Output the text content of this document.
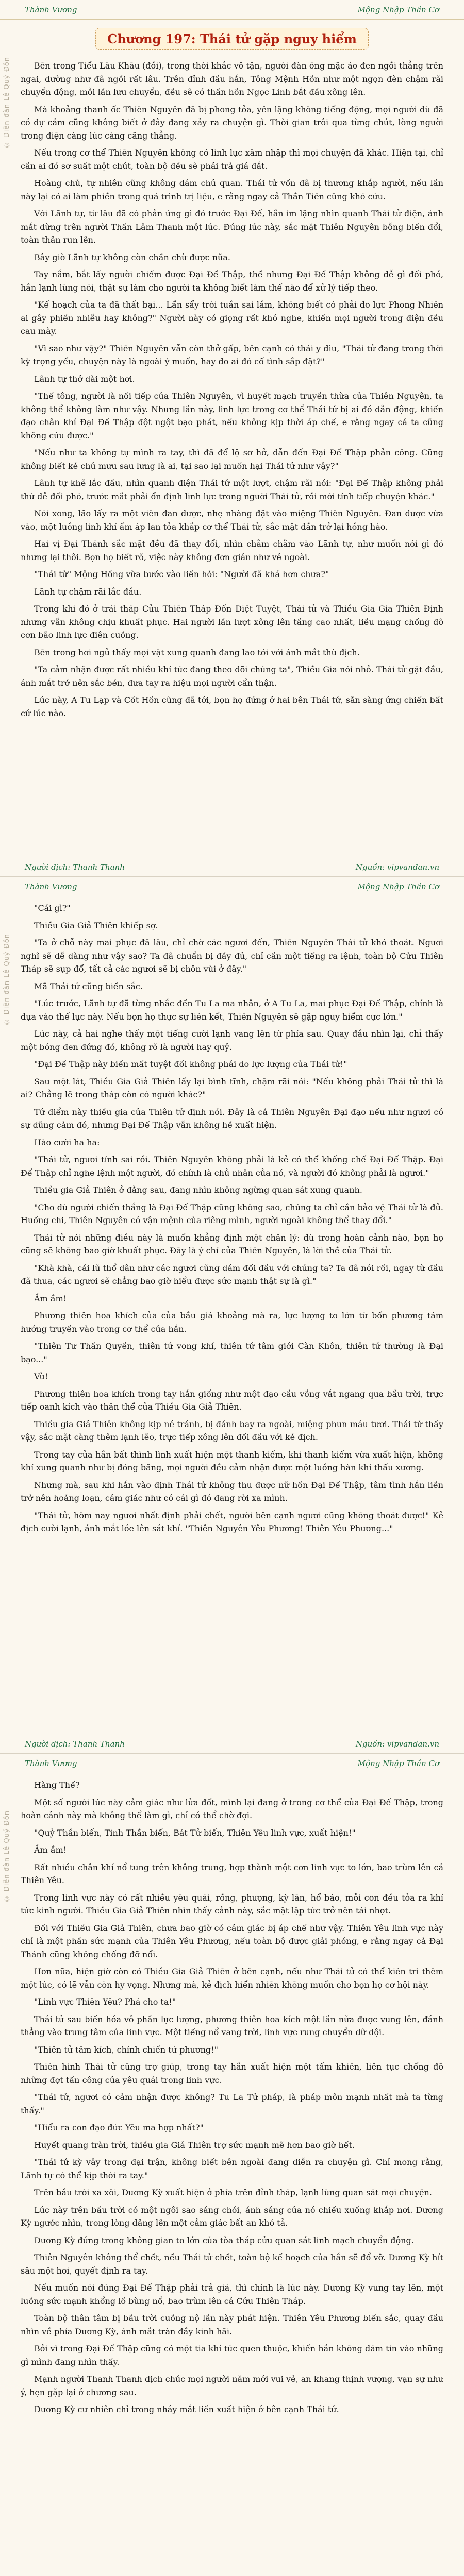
Thành Vương	Mộng Nhập Thần Cơ
© Diễn đàn Lê Quý Đôn
Chương 197: Thái tử gặp nguy hiểm

Bên trong Tiểu Lâu Khâu (đồi), trong thời khắc vô tận, người đàn ông mặc áo đen ngồi thẳng trên ngai, dường như đã ngồi rất lâu. Trên đỉnh đầu hắn, Tông Mệnh Hồn như một ngọn đèn chậm rãi chuyển động, mỗi lần lưu chuyển, đều sẽ có thần hồn Ngọc Linh bắt đầu xông lên.

Mà khoảng thanh ốc Thiên Nguyên đã bị phong tỏa, yên lặng không tiếng động, mọi người dù đã có dự cảm cũng không biết ở đây đang xảy ra chuyện gì. Thời gian trôi qua từng chút, lòng người trong điện càng lúc càng căng thẳng.

Nếu trong cơ thể Thiên Nguyên không có linh lực xâm nhập thì mọi chuyện đã khác. Hiện tại, chỉ cần ai đó sơ suất một chút, toàn bộ đều sẽ phải trả giá đắt.

Hoàng chủ, tự nhiên cũng không dám chủ quan. Thái tử vốn đã bị thương khắp người, nếu lần này lại có ai làm phiền trong quá trình trị liệu, e rằng ngay cả Thần Tiên cũng khó cứu.

Với Lãnh tự, từ lâu đã có phản ứng gì đó trước Đại Đế, hắn im lặng nhìn quanh Thái tử điện, ánh mắt dừng trên người Thần Lâm Thanh một lúc. Đúng lúc này, sắc mặt Thiên Nguyên bỗng biến đổi, toàn thân run lên.

Bây giờ Lãnh tự không còn chần chừ được nữa.

Tay nắm, bắt lấy người chiếm được Đại Đế Thập, thế nhưng Đại Đế Thập không dễ gì đối phó, hắn lạnh lùng nói, thật sự làm cho người ta không biết làm thế nào để xử lý tiếp theo.

"Kế hoạch của ta đã thất bại... Lẩn sẩy trời tuần sai lầm, không biết có phải do lực Phong Nhiên ai gây phiền nhiễu hay không?" Người này có giọng rất khó nghe, khiến mọi người trong điện đều cau mày.

"Vì sao như vậy?" Thiên Nguyên vẫn còn thở gấp, bên cạnh có thái y dìu, "Thái tử đang trong thời kỳ trọng yếu, chuyện này là ngoài ý muốn, hay do ai đó cố tình sắp đặt?"

Lãnh tự thở dài một hơi.

"Thế tông, người là nối tiếp của Thiên Nguyên, vì huyết mạch truyền thừa của Thiên Nguyên, ta không thể không làm như vậy. Nhưng lần này, linh lực trong cơ thể Thái tử bị ai đó dẫn động, khiến đạo chân khí Đại Đế Thập đột ngột bạo phát, nếu không kịp thời áp chế, e rằng ngay cả ta cũng không cứu được."

"Nếu như ta không tự mình ra tay, thì đã để lộ sơ hở, dẫn đến Đại Đế Thập phản công. Cũng không biết kẻ chủ mưu sau lưng là ai, tại sao lại muốn hại Thái tử như vậy?"

Lãnh tự khẽ lắc đầu, nhìn quanh điện Thái tử một lượt, chậm rãi nói: "Đại Đế Thập không phải thứ dễ đối phó, trước mắt phải ổn định linh lực trong người Thái tử, rồi mới tính tiếp chuyện khác."

Nói xong, lão lấy ra một viên đan dược, nhẹ nhàng đặt vào miệng Thiên Nguyên. Đan dược vừa vào, một luồng linh khí ấm áp lan tỏa khắp cơ thể Thái tử, sắc mặt dần trở lại hồng hào.

Hai vị Đại Thánh sắc mặt đều đã thay đổi, nhìn chằm chằm vào Lãnh tự, như muốn nói gì đó nhưng lại thôi. Bọn họ biết rõ, việc này không đơn giản như vẻ ngoài.

"Thái tử" Mộng Hồng vừa bước vào liền hỏi: "Người đã khá hơn chưa?"

Lãnh tự chậm rãi lắc đầu.

Trong khi đó ở trái tháp Cửu Thiên Tháp Đốn Diệt Tuyệt, Thái tử và Thiều Gia Gia Thiên Định nhưng vẫn không chịu khuất phục. Hai người lần lượt xông lên tầng cao nhất, liều mạng chống đỡ cơn bão linh lực điên cuồng.

Bên trong hơi ngủ thấy mọi vật xung quanh đang lao tới với ánh mắt thù địch.

"Ta cảm nhận được rất nhiều khí tức đang theo dõi chúng ta", Thiều Gia nói nhỏ. Thái tử gật đầu, ánh mắt trở nên sắc bén, đưa tay ra hiệu mọi người cẩn thận.

Lúc này, A Tu Lạp và Cốt Hồn cũng đã tới, bọn họ đứng ở hai bên Thái tử, sẵn sàng ứng chiến bất cứ lúc nào.

Người dịch: Thanh Thanh	Nguồn: vipvandan.vn
Thành Vương	Mộng Nhập Thần Cơ
© Diễn đàn Lê Quý Đôn

"Cái gì?"

Thiều Gia Giả Thiên khiếp sợ.

"Ta ở chỗ này mai phục đã lâu, chỉ chờ các ngươi đến, Thiên Nguyên Thái tử khó thoát. Ngươi nghĩ sẽ dễ dàng như vậy sao? Ta đã chuẩn bị đầy đủ, chỉ cần một tiếng ra lệnh, toàn bộ Cửu Thiên Tháp sẽ sụp đổ, tất cả các ngươi sẽ bị chôn vùi ở đây."

Mã Thái tử cũng biến sắc.

"Lúc trước, Lãnh tự đã từng nhắc đến Tu La ma nhân, ở A Tu La, mai phục Đại Đế Thập, chính là dựa vào thế lực này. Nếu bọn họ thực sự liên kết, Thiên Nguyên sẽ gặp nguy hiểm cực lớn."

Lúc này, cả hai nghe thấy một tiếng cười lạnh vang lên từ phía sau. Quay đầu nhìn lại, chỉ thấy một bóng đen đứng đó, không rõ là người hay quỷ.

"Đại Đế Thập này biến mất tuyệt đối không phải do lực lượng của Thái tử!"

Sau một lát, Thiều Gia Giả Thiên lấy lại bình tĩnh, chậm rãi nói: "Nếu không phải Thái tử thì là ai? Chẳng lẽ trong tháp còn có người khác?"

Tứ điểm này thiều gia của Thiên tử định nói. Đây là cả Thiên Nguyên Đại đạo nếu như ngươi có sự dũng cảm đó, nhưng Đại Đế Thập vẫn không hề xuất hiện.

Hào cười ha ha:

"Thái tử, ngươi tính sai rồi. Thiên Nguyên không phải là kẻ có thể khống chế Đại Đế Thập. Đại Đế Thập chỉ nghe lệnh một người, đó chính là chủ nhân của nó, và người đó không phải là ngươi."

Thiều gia Giả Thiên ở đằng sau, đang nhìn không ngừng quan sát xung quanh.

"Cho dù người chiến thắng là Đại Đế Thập cũng không sao, chúng ta chỉ cần bảo vệ Thái tử là đủ. Huống chi, Thiên Nguyên có vận mệnh của riêng mình, người ngoài không thể thay đổi."

Thái tử nói những điều này là muốn khẳng định một chân lý: dù trong hoàn cảnh nào, bọn họ cũng sẽ không bao giờ khuất phục. Đây là ý chí của Thiên Nguyên, là lời thề của Thái tử.

"Khà khà, cái lũ thổ dân như các ngươi cũng dám đối đầu với chúng ta? Ta đã nói rồi, ngay từ đầu đã thua, các ngươi sẽ chẳng bao giờ hiểu được sức mạnh thật sự là gì."

Ầm ầm!

Phương thiên hoa khích của của bầu giá khoảng mà ra, lực lượng to lớn từ bốn phương tám hướng truyền vào trong cơ thể của hắn.

"Thiên Tư Thần Quyền, thiên tứ vong khí, thiên tứ tâm giới Càn Khôn, thiên tứ thường là Đại bạo..."

Vù!

Phương thiên hoa khích trong tay hắn giống như một đạo cầu vồng vắt ngang qua bầu trời, trực tiếp oanh kích vào thân thể của Thiều Gia Giả Thiên.

Thiều gia Giả Thiên không kịp né tránh, bị đánh bay ra ngoài, miệng phun máu tươi. Thái tử thấy vậy, sắc mặt càng thêm lạnh lẽo, trực tiếp xông lên đối đầu với kẻ địch.

Trong tay của hắn bất thình lình xuất hiện một thanh kiếm, khi thanh kiếm vừa xuất hiện, không khí xung quanh như bị đóng băng, mọi người đều cảm nhận được một luồng hàn khí thấu xương.

Nhưng mà, sau khi hắn vào định Thái tử không thu được nữ hồn Đại Đế Thập, tâm tình hắn liền trở nên hoảng loạn, cảm giác như có cái gì đó đang rời xa mình.

"Thái tử, hôm nay ngươi nhất định phải chết, người bên cạnh ngươi cũng không thoát được!" Kẻ địch cười lạnh, ánh mắt lóe lên sát khí. "Thiên Nguyên Yêu Phương! Thiên Yêu Phương..."

Người dịch: Thanh Thanh	Nguồn: vipvandan.vn
Thành Vương	Mộng Nhập Thần Cơ
© Diễn đàn Lê Quý Đôn

Hàng Thế?

Một số người lúc này cảm giác như lửa đốt, mình lại đang ở trong cơ thể của Đại Đế Thập, trong hoàn cảnh này mà không thể làm gì, chỉ có thể chờ đợi.

"Quỷ Thần biến, Tinh Thần biến, Bát Tử biến, Thiên Yêu linh vực, xuất hiện!"

Ầm ầm!

Rất nhiều chân khí nổ tung trên không trung, hợp thành một cơn linh vực to lớn, bao trùm lên cả Thiên Yêu.

Trong linh vực này có rất nhiều yêu quái, rồng, phượng, kỳ lân, hổ báo, mỗi con đều tỏa ra khí tức kinh người. Thiều Gia Giả Thiên nhìn thấy cảnh này, sắc mặt lập tức trở nên tái nhợt.

Đối với Thiều Gia Giả Thiên, chưa bao giờ có cảm giác bị áp chế như vậy. Thiên Yêu linh vực này chỉ là một phần sức mạnh của Thiên Yêu Phương, nếu toàn bộ được giải phóng, e rằng ngay cả Đại Thánh cũng không chống đỡ nổi.

Hơn nữa, hiện giờ còn có Thiều Gia Giả Thiên ở bên cạnh, nếu như Thái tử có thể kiên trì thêm một lúc, có lẽ vẫn còn hy vọng. Nhưng mà, kẻ địch hiển nhiên không muốn cho bọn họ cơ hội này.

"Linh vực Thiên Yêu? Phá cho ta!"

Thái tử sau biến hóa vô phần lực lượng, phương thiên hoa kích một lần nữa được vung lên, đánh thẳng vào trung tâm của linh vực. Một tiếng nổ vang trời, linh vực rung chuyển dữ dội.

"Thiên tử tâm kích, chính chiến tứ phương!"

Thiên hinh Thái tử cũng trợ giúp, trong tay hắn xuất hiện một tấm khiên, liên tục chống đỡ những đợt tấn công của yêu quái trong linh vực.

"Thái tử, ngươi có cảm nhận được không? Tu La Tử pháp, là pháp môn mạnh nhất mà ta từng thấy."

"Hiểu ra con đạo đức Yêu ma hợp nhất?"

Huyết quang tràn trời, thiều gia Giả Thiên trợ sức mạnh mẽ hơn bao giờ hết.

"Thái tử kỳ vây trong đại trận, không biết bên ngoài đang diễn ra chuyện gì. Chỉ mong rằng, Lãnh tự có thể kịp thời ra tay."

Trên bầu trời xa xôi, Dương Kỳ xuất hiện ở phía trên đỉnh tháp, lạnh lùng quan sát mọi chuyện.

Lúc này trên bầu trời có một ngôi sao sáng chói, ánh sáng của nó chiếu xuống khắp nơi. Dương Kỳ ngước nhìn, trong lòng dâng lên một cảm giác bất an khó tả.

Dương Kỳ đứng trong không gian to lớn của tòa tháp cửu quan sát linh mạch chuyển động.

Thiên Nguyên không thể chết, nếu Thái tử chết, toàn bộ kế hoạch của hắn sẽ đổ vỡ. Dương Kỳ hít sâu một hơi, quyết định ra tay.

Nếu muốn nói đúng Đại Đế Thập phải trả giá, thì chính là lúc này. Dương Kỳ vung tay lên, một luồng sức mạnh khổng lồ bùng nổ, bao trùm lên cả Cửu Thiên Tháp.

Toàn bộ thân tâm bị bầu trời cuồng nộ lần này phát hiện. Thiên Yêu Phương biến sắc, quay đầu nhìn về phía Dương Kỳ, ánh mắt tràn đầy kinh hãi.

Bởi vì trong Đại Đế Thập cũng có một tia khí tức quen thuộc, khiến hắn không dám tin vào những gì mình đang nhìn thấy.

Mạnh người Thanh Thanh dịch chúc mọi người năm mới vui vẻ, an khang thịnh vượng, vạn sự như ý, hẹn gặp lại ở chương sau.

Dương Kỳ cư nhiên chỉ trong nháy mắt liền xuất hiện ở bên cạnh Thái tử.
